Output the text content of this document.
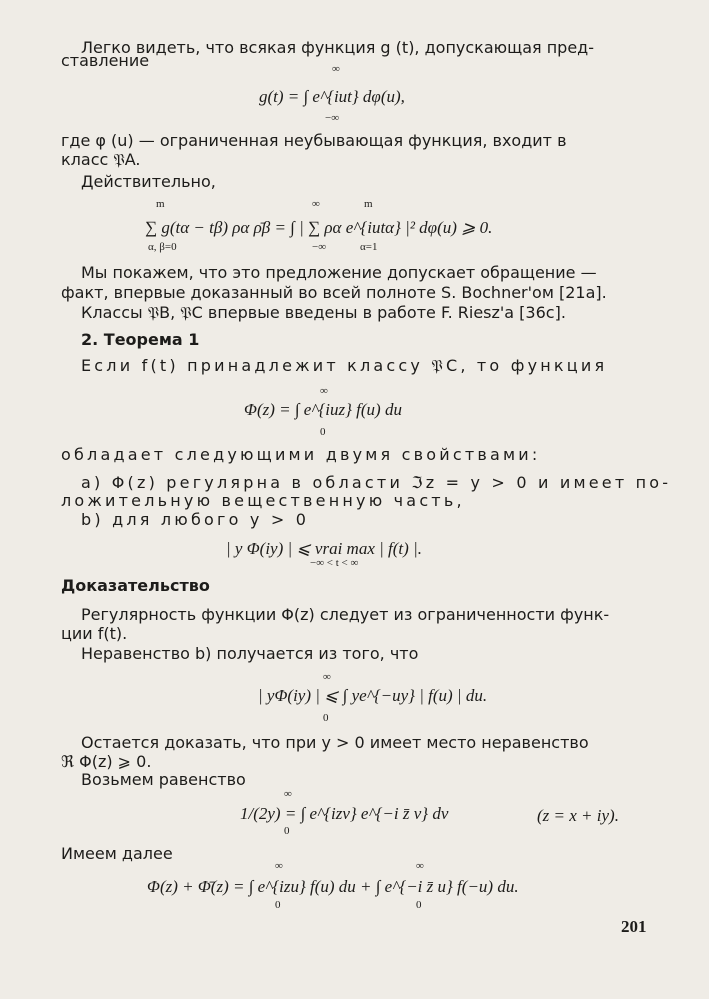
Легко видеть, что всякая функция g (t), допускающая пред-
ставление	∞
g(t) = ∫ e^{iut} dφ(u),
−∞
где φ (u) — ограниченная неубывающая функция, входит в
класс 𝔓A.
Действительно,
m	∞	m
∑ g(tα − tβ) ρα ρ̄β = ∫ | ∑ ρα e^{iutα} |² dφ(u) ⩾ 0.
α, β=0	−∞	α=1
Мы покажем, что это предложение допускает обращение —
факт, впервые доказанный во всей полноте S. Bochner'ом [21a].
Классы 𝔓B, 𝔓C впервые введены в работе F. Riesz'a [36c].
2. Теорема 1
Если f(t) принадлежит классу 𝔓C, то функция
∞
Φ(z) = ∫ e^{iuz} f(u) du
0
обладает следующими двумя свойствами:
a) Φ(z) регулярна в области ℑz = y > 0 и имеет по-
ложительную вещественную часть,
b) для любого y > 0
| y Φ(iy) | ⩽ vrai max | f(t) |.
−∞ < t < ∞
Доказательство
Регулярность функции Φ(z) следует из ограниченности функ-
ции f(t).
Неравенство b) получается из того, что
∞
| yΦ(iy) | ⩽ ∫ ye^{−uy} | f(u) | du.
0
Остается доказать, что при y > 0 имеет место неравенство
ℜ Φ(z) ⩾ 0.
Возьмем равенство
∞
1/(2y) = ∫ e^{izv} e^{−i z̄ v} dv	(z = x + iy).
0
Имеем далее
∞	∞
Φ(z) + Φ̄(z) = ∫ e^{izu} f(u) du + ∫ e^{−i z̄ u} f(−u) du.
0	0
201
